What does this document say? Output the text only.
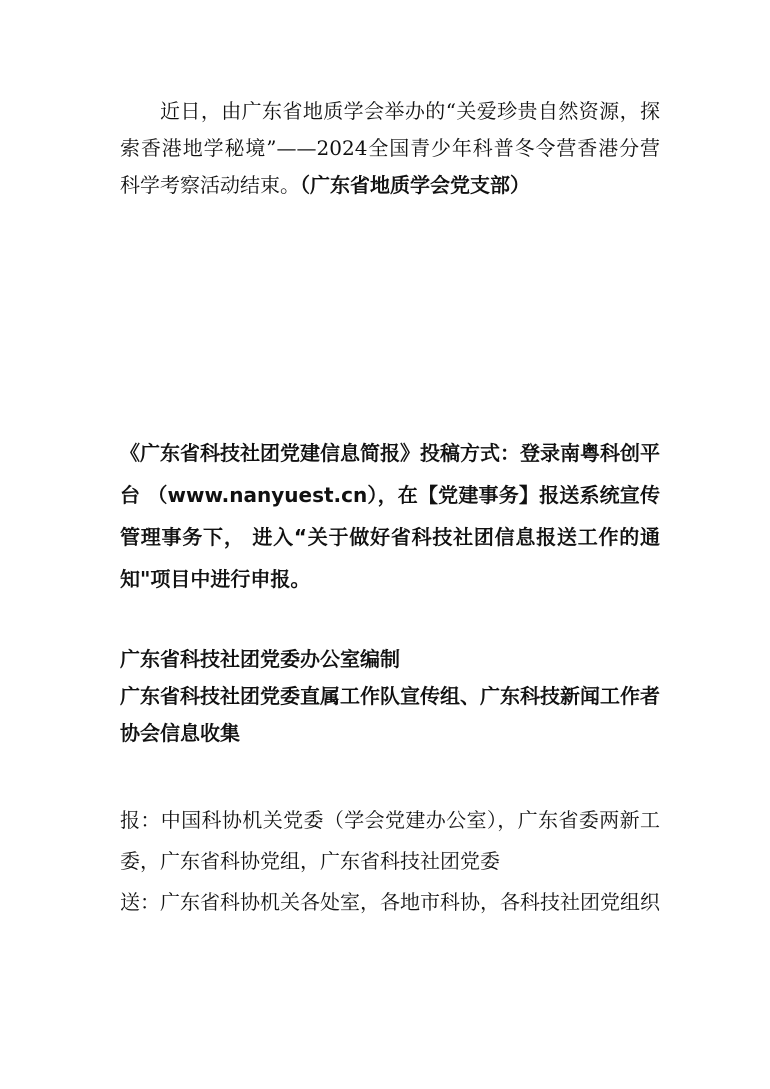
近日，由广东省地质学会举办的“关爱珍贵自然资源，探索香港地学秘境”——2024全国青少年科普冬令营香港分营科学考察活动结束。（广东省地质学会党支部）

《广东省科技社团党建信息简报》投稿方式：登录南粤科创平台 （www.nanyuest.cn），在【党建事务】报送系统宣传管理事务下， 进入“关于做好省科技社团信息报送工作的通知"项目中进行申报。

广东省科技社团党委办公室编制

广东省科技社团党委直属工作队宣传组、广东科技新闻工作者协会信息收集

报：中国科协机关党委（学会党建办公室），广东省委两新工委，广东省科协党组，广东省科技社团党委

送：广东省科协机关各处室，各地市科协，各科技社团党组织
